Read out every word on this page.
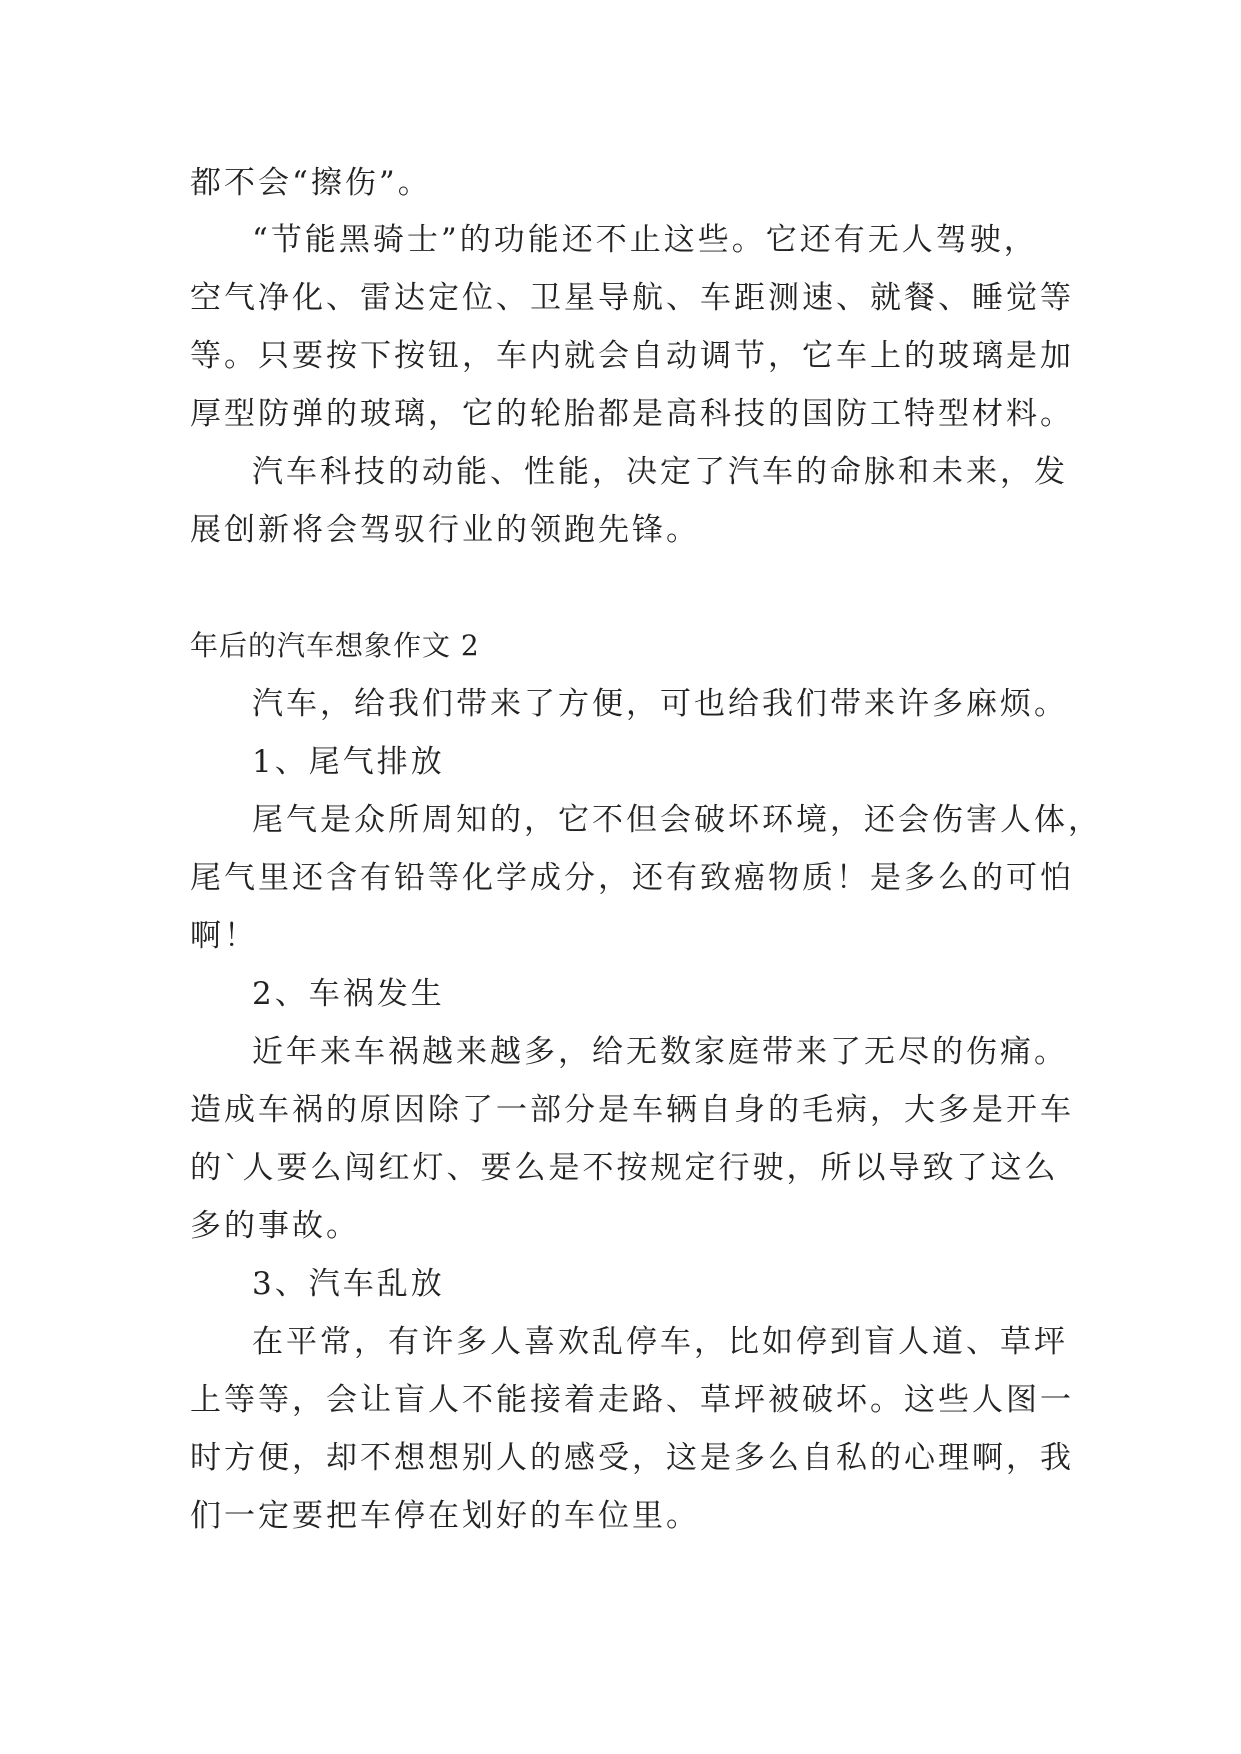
都不会“擦伤”。

“节能黑骑士”的功能还不止这些。它还有无人驾驶，

空气净化、雷达定位、卫星导航、车距测速、就餐、睡觉等

等。只要按下按钮，车内就会自动调节，它车上的玻璃是加

厚型防弹的玻璃，它的轮胎都是高科技的国防工特型材料。

汽车科技的动能、性能，决定了汽车的命脉和未来，发

展创新将会驾驭行业的领跑先锋。

年后的汽车想象作文 2

汽车，给我们带来了方便，可也给我们带来许多麻烦。

1、尾气排放

尾气是众所周知的，它不但会破坏环境，还会伤害人体，

尾气里还含有铅等化学成分，还有致癌物质！是多么的可怕

啊！

2、车祸发生

近年来车祸越来越多，给无数家庭带来了无尽的伤痛。

造成车祸的原因除了一部分是车辆自身的毛病，大多是开车

的`人要么闯红灯、要么是不按规定行驶，所以导致了这么

多的事故。

3、汽车乱放

在平常，有许多人喜欢乱停车，比如停到盲人道、草坪

上等等，会让盲人不能接着走路、草坪被破坏。这些人图一

时方便，却不想想别人的感受，这是多么自私的心理啊，我

们一定要把车停在划好的车位里。
